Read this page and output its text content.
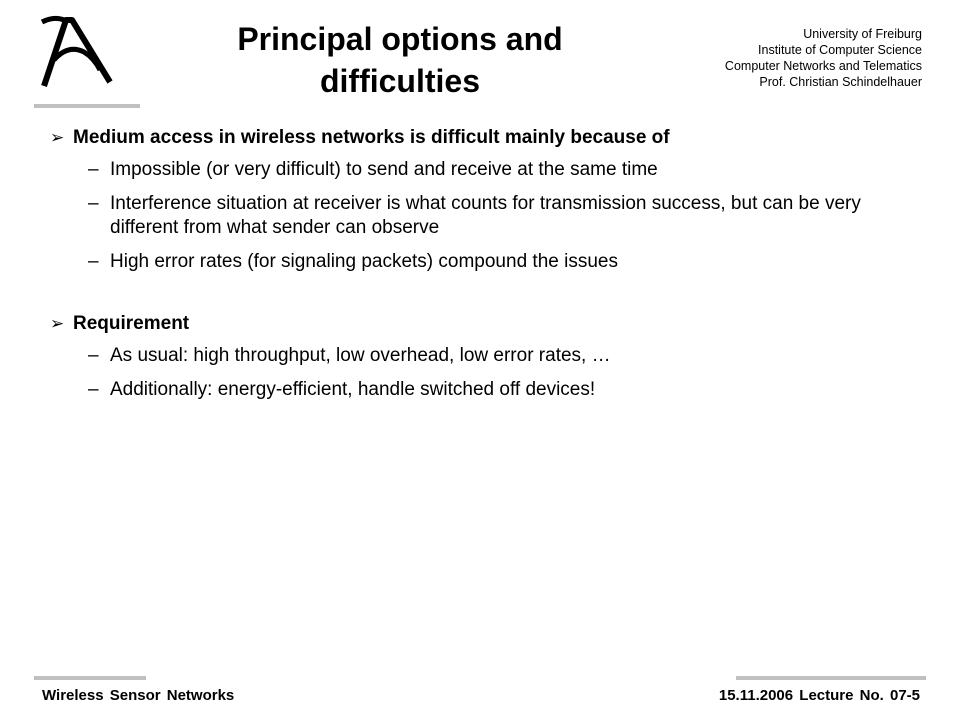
Principal options and
difficulties
University of Freiburg
Institute of Computer Science
Computer Networks and Telematics
Prof. Christian Schindelhauer
➢ Medium access in wireless networks is difficult mainly because of
– Impossible (or very difficult) to send and receive at the same time
– Interference situation at receiver is what counts for transmission success, but can be very different from what sender can observe
– High error rates (for signaling packets) compound the issues
➢ Requirement
– As usual: high throughput, low overhead, low error rates, …
– Additionally: energy-efficient, handle switched off devices!
Wireless Sensor Networks	15.11.2006 Lecture No. 07-5
